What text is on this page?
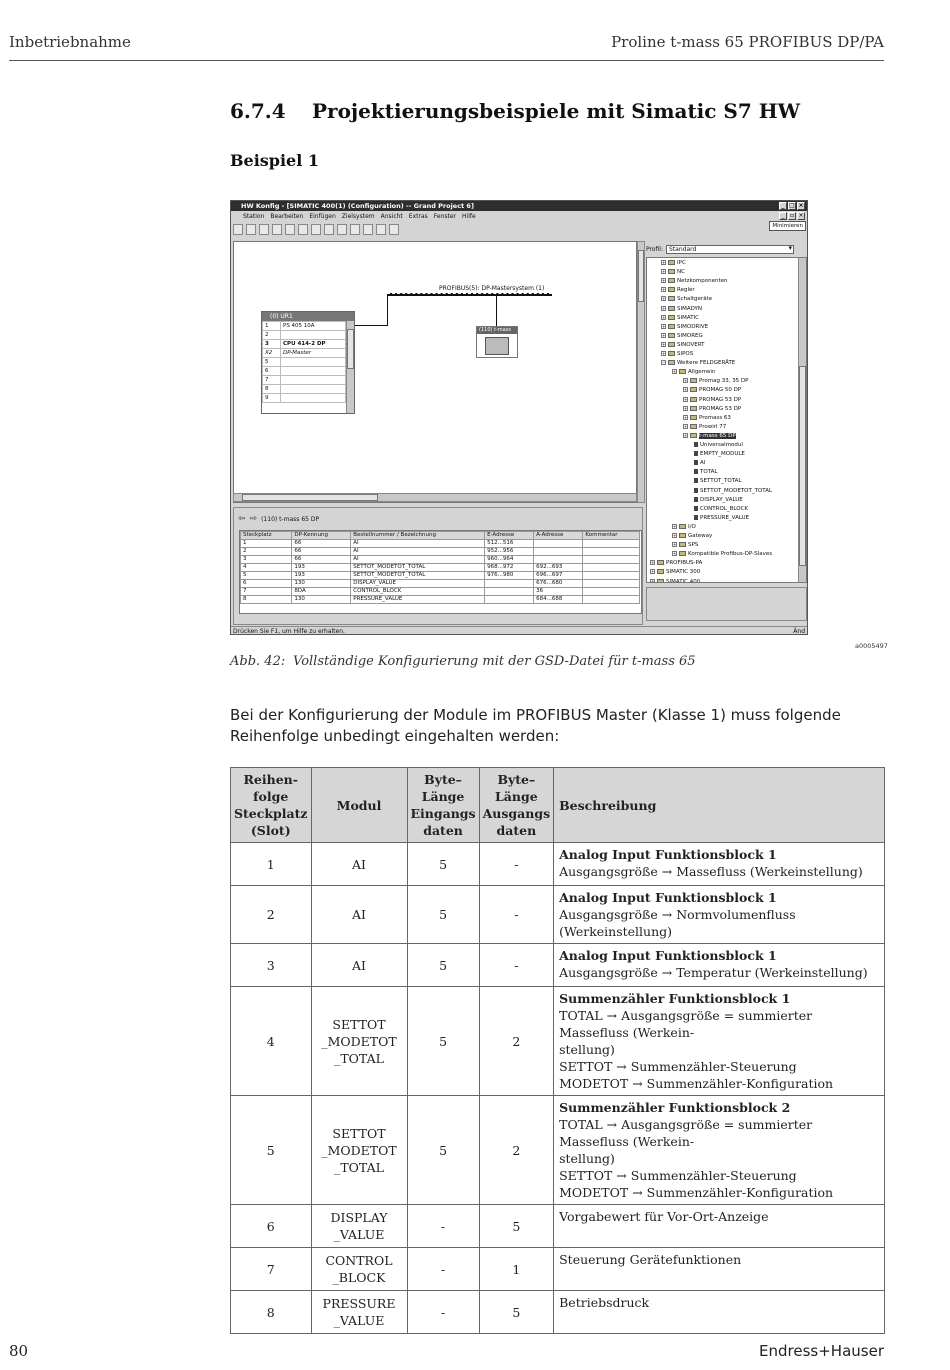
Inbetriebnahme	Proline t-mass 65 PROFIBUS DP/PA
6.7.4 Projektierungsbeispiele mit Simatic S7 HW
Beispiel 1
HW Konfig - [SIMATIC 400(1) (Configuration) -- Grand Project 6]	_ □ ×
Station Bearbeiten Einfügen Zielsystem Ansicht Extras Fenster Hilfe	_ ▫ ×
Minimieren
(0) UR1
1	PS 405 10A
2	
3	CPU 414-2 DP
X2	DP-Master
5	
6	
7	
8	
9	
PROFIBUS(5): DP-Mastersystem (1)
(110) t-mass
⇦ ⇨ (110) t-mass 65 DP
Steckplatz	DP-Kennung	Bestellnummer / Bezeichnung	E-Adresse	A-Adresse	Kommentar
1	66	AI	512...516		
2	66	AI	952...956		
3	66	AI	960...964		
4	193	SETTOT_MODETOT_TOTAL	968...972	692...693	
5	193	SETTOT_MODETOT_TOTAL	976...980	696...697	
6	130	DISPLAY_VALUE		676...680	
7	8DA	CONTROL_BLOCK		36	
8	130	PRESSURE_VALUE		684...688	
Profil:	Standard ▾
+ IPC
+ NC
+ Netzkomponenten
+ Regler
+ Schaltgeräte
+ SIMADYN
+ SIMATIC
+ SIMODRIVE
+ SIMOREG
+ SINOVERT
+ SIPOS
− Weitere FELDGERÄTE
+ Allgemein
+ Promag 33, 35 DP
+ PROMAG 50 DP
+ PROMAG 53 DP
+ PROMAG 53 DP
+ Promass 63
+ Prowirl 77
+ t-mass 65 DP
Universalmodul
EMPTY_MODULE
AI
TOTAL
SETTOT_TOTAL
SETTOT_MODETOT_TOTAL
DISPLAY_VALUE
CONTROL_BLOCK
PRESSURE_VALUE
+ I/O
+ Gateway
+ SPS
+ Kompatible Profibus-DP-Slaves
+ PROFIBUS-PA
+ SIMATIC 300
+ SIMATIC 400
Drücken Sie F1, um Hilfe zu erhalten.	Änd
a0005497
Abb. 42: Vollständige Konfigurierung mit der GSD-Datei für t-mass 65

Bei der Konfigurierung der Module im PROFIBUS Master (Klasse 1) muss folgende Reihenfolge unbedingt eingehalten werden:

Reihen-
folge
Steckplatz
(Slot)	Modul	Byte–
Länge
Eingangs
daten	Byte–
Länge
Ausgangs
daten	Beschreibung
1	AI	5	-	Analog Input Funktionsblock 1
Ausgangsgröße → Massefluss (Werkeinstellung)

2	AI	5	-	Analog Input Funktionsblock 1
Ausgangsgröße → Normvolumenfluss (Werkeinstellung)

3	AI	5	-	Analog Input Funktionsblock 1
Ausgangsgröße → Temperatur (Werkeinstellung)

4	SETTOT
_MODETOT
_TOTAL	5	2	Summenzähler Funktionsblock 1
TOTAL → Ausgangsgröße = summierter Massefluss (Werkein-
stellung)
SETTOT → Summenzähler-Steuerung
MODETOT → Summenzähler-Konfiguration

5	SETTOT
_MODETOT
_TOTAL	5	2	Summenzähler Funktionsblock 2
TOTAL → Ausgangsgröße = summierter Massefluss (Werkein-
stellung)
SETTOT → Summenzähler-Steuerung
MODETOT → Summenzähler-Konfiguration

6	DISPLAY
_VALUE	-	5	Vorgabewert für Vor-Ort-Anzeige

7	CONTROL
_BLOCK	-	1	Steuerung Gerätefunktionen

8	PRESSURE
_VALUE	-	5	Betriebsdruck
80	Endress+Hauser
